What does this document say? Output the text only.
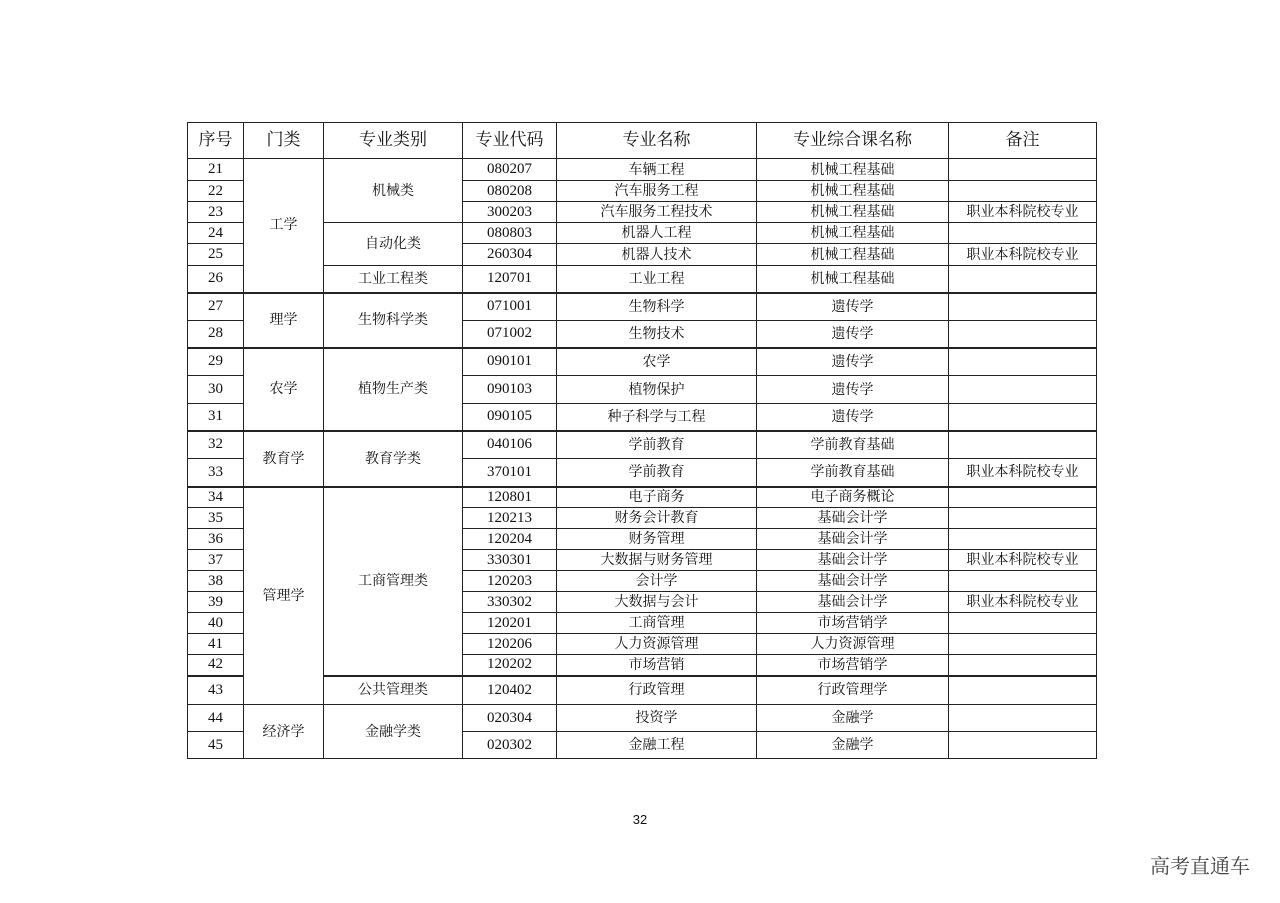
序号	门类	专业类别	专业代码	专业名称	专业综合课名称	备注
21	工学	机械类	080207	车辆工程	机械工程基础	
22			080208	汽车服务工程	机械工程基础	
23			300203	汽车服务工程技术	机械工程基础	职业本科院校专业
24		自动化类	080803	机器人工程	机械工程基础	
25			260304	机器人技术	机械工程基础	职业本科院校专业
26		工业工程类	120701	工业工程	机械工程基础	
27	理学	生物科学类	071001	生物科学	遗传学	
28			071002	生物技术	遗传学	
29	农学	植物生产类	090101	农学	遗传学	
30			090103	植物保护	遗传学	
31			090105	种子科学与工程	遗传学	
32	教育学	教育学类	040106	学前教育	学前教育基础	
33			370101	学前教育	学前教育基础	职业本科院校专业
34	管理学	工商管理类	120801	电子商务	电子商务概论	
35			120213	财务会计教育	基础会计学	
36			120204	财务管理	基础会计学	
37			330301	大数据与财务管理	基础会计学	职业本科院校专业
38			120203	会计学	基础会计学	
39			330302	大数据与会计	基础会计学	职业本科院校专业
40			120201	工商管理	市场营销学	
41			120206	人力资源管理	人力资源管理	
42			120202	市场营销	市场营销学	
43		公共管理类	120402	行政管理	行政管理学	
44	经济学	金融学类	020304	投资学	金融学	
45			020302	金融工程	金融学	
32
高考直通车
